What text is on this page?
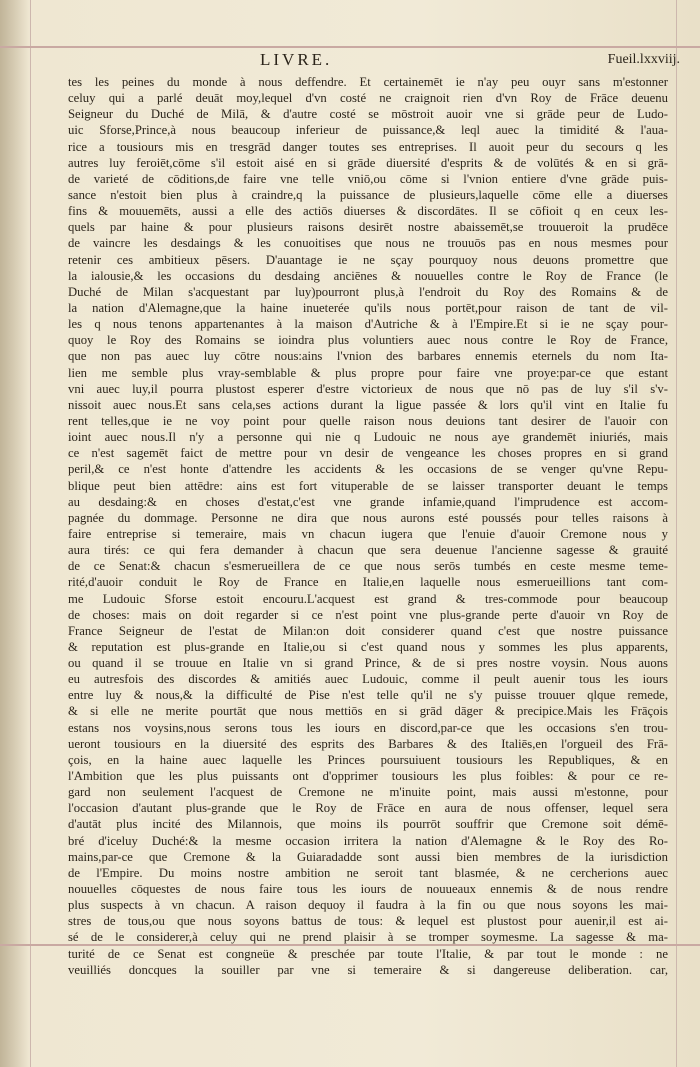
LIVRE.	Fueil.lxxviij.
tes les peines du monde à nous deffendre. Et certainemēt ie n'ay peu ouyr sans m'estonner
celuy qui a parlé deuāt moy,lequel d'vn costé ne craignoit rien d'vn Roy de Frāce deuenu
Seigneur du Duché de Milā, & d'autre costé se mōstroit auoir vne si grāde peur de Ludo-
uic Sforse,Prince,à nous beaucoup inferieur de puissance,& leql auec la timidité & l'aua-
rice a tousiours mis en tresgrād danger toutes ses entreprises. Il auoit peur du secours q les
autres luy feroiēt,cōme s'il estoit aisé en si grāde diuersité d'esprits & de volūtés & en si grā-
de varieté de cōditions,de faire vne telle vniō,ou cōme si l'vnion entiere d'vne grāde puis-
sance n'estoit bien plus à craindre,q la puissance de plusieurs,laquelle cōme elle a diuerses
fins & mouuemēts, aussi a elle des actiōs diuerses & discordātes. Il se cōfioit q en ceux les-
quels par haine & pour plusieurs raisons desirēt nostre abaissemēt,se trouueroit la prudēce
de vaincre les desdaings & les conuoitises que nous ne trouuōs pas en nous mesmes pour
retenir ces ambitieux pēsers. D'auantage ie ne sçay pourquoy nous deuons promettre que
la ialousie,& les occasions du desdaing anciēnes & nouuelles contre le Roy de France (le
Duché de Milan s'acquestant par luy)pourront plus,à l'endroit du Roy des Romains & de
la nation d'Alemagne,que la haine inueterée qu'ils nous portēt,pour raison de tant de vil-
les q nous tenons appartenantes à la maison d'Autriche & à l'Empire.Et si ie ne sçay pour-
quoy le Roy des Romains se ioindra plus voluntiers auec nous contre le Roy de France,
que non pas auec luy cōtre nous:ains l'vnion des barbares ennemis eternels du nom Ita-
lien me semble plus vray-semblable & plus propre pour faire vne proye:par-ce que estant
vni auec luy,il pourra plustost esperer d'estre victorieux de nous que nō pas de luy s'il s'v-
nissoit auec nous.Et sans cela,ses actions durant la ligue passée & lors qu'il vint en Italie fu
rent telles,que ie ne voy point pour quelle raison nous deuions tant desirer de l'auoir con
ioint auec nous.Il n'y a personne qui nie q Ludouic ne nous aye grandemēt iniuriés, mais
ce n'est sagemēt faict de mettre pour vn desir de vengeance les choses propres en si grand
peril,& ce n'est honte d'attendre les accidents & les occasions de se venger qu'vne Repu-
blique peut bien attēdre: ains est fort vituperable de se laisser transporter deuant le temps
au desdaing:& en choses d'estat,c'est vne grande infamie,quand l'imprudence est accom-
pagnée du dommage. Personne ne dira que nous aurons esté poussés pour telles raisons à
faire entreprise si temeraire, mais vn chacun iugera que l'enuie d'auoir Cremone nous y
aura tirés: ce qui fera demander à chacun que sera deuenue l'ancienne sagesse & grauité
de ce Senat:& chacun s'esmerueillera de ce que nous serōs tumbés en ceste mesme teme-
rité,d'auoir conduit le Roy de France en Italie,en laquelle nous esmerueillions tant com-
me Ludouic Sforse estoit encouru.L'acquest est grand & tres-commode pour beaucoup
de choses: mais on doit regarder si ce n'est point vne plus-grande perte d'auoir vn Roy de
France Seigneur de l'estat de Milan:on doit considerer quand c'est que nostre puissance
& reputation est plus-grande en Italie,ou si c'est quand nous y sommes les plus apparents,
ou quand il se trouue en Italie vn si grand Prince, & de si pres nostre voysin. Nous auons
eu autresfois des discordes & amitiés auec Ludouic, comme il peult auenir tous les iours
entre luy & nous,& la difficulté de Pise n'est telle qu'il ne s'y puisse trouuer qlque remede,
& si elle ne merite pourtāt que nous mettiōs en si grād dāger & precipice.Mais les Frāçois
estans nos voysins,nous serons tous les iours en discord,par-ce que les occasions s'en trou-
ueront tousiours en la diuersité des esprits des Barbares & des Italiēs,en l'orgueil des Frā-
çois, en la haine auec laquelle les Princes poursuiuent tousiours les Republiques, & en
l'Ambition que les plus puissants ont d'opprimer tousiours les plus foibles: & pour ce re-
gard non seulement l'acquest de Cremone ne m'inuite point, mais aussi m'estonne, pour
l'occasion d'autant plus-grande que le Roy de Frāce en aura de nous offenser, lequel sera
d'autāt plus incité des Milannois, que moins ils pourrōt souffrir que Cremone soit démē-
bré d'iceluy Duché:& la mesme occasion irritera la nation d'Alemagne & le Roy des Ro-
mains,par-ce que Cremone & la Guiaradadde sont aussi bien membres de la iurisdiction
de l'Empire. Du moins nostre ambition ne seroit tant blasmée, & ne cercherions auec
nouuelles cōquestes de nous faire tous les iours de nouueaux ennemis & de nous rendre
plus suspects à vn chacun. A raison dequoy il faudra à la fin ou que nous soyons les mai-
stres de tous,ou que nous soyons battus de tous: & lequel est plustost pour auenir,il est ai-
sé de le considerer,à celuy qui ne prend plaisir à se tromper soymesme. La sagesse & ma-
turité de ce Senat est congneüe & preschée par toute l'Italie, & par tout le monde : ne
veuilliés doncques la souiller par vne si temeraire & si dangereuse deliberation. car,
